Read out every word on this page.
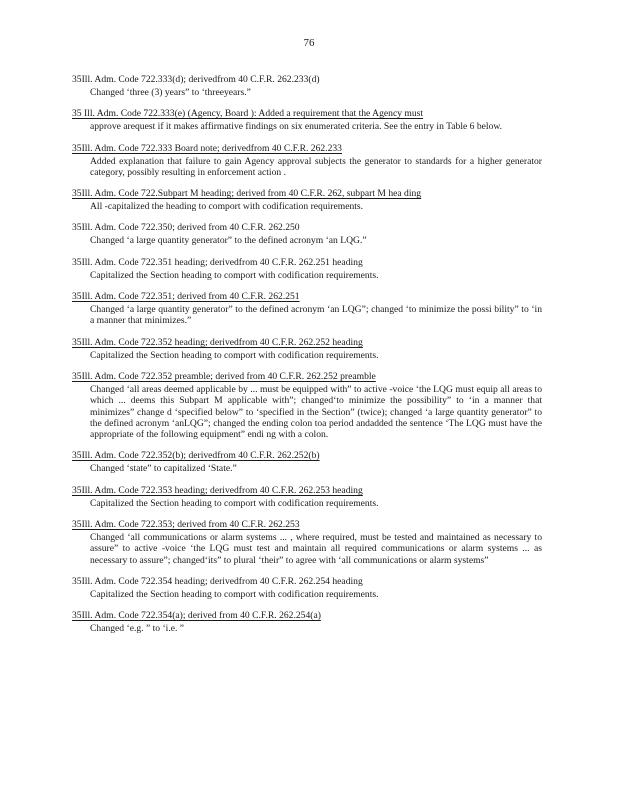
76
35Ill. Adm. Code 722.333(d); derivedfrom 40 C.F.R. 262.233(d)
Changed ‘three (3) years” to ‘threeyears.”
35 Ill. Adm. Code 722.333(e) (Agency, Board ): Added a requirement that the Agency must
approve arequest if it makes affirmative findings on six enumerated criteria. See the entry in Table 6 below.
35Ill. Adm. Code 722.333 Board note; derivedfrom 40 C.F.R. 262.233
Added explanation that failure to gain Agency approval subjects the generator to standards for a higher generator category, possibly resulting in enforcement action .
35Ill. Adm. Code 722.Subpart M heading; derived from 40 C.F.R. 262, subpart M hea ding
All -capitalized the heading to comport with codification requirements.
35Ill. Adm. Code 722.350; derived from 40 C.F.R. 262.250
Changed ‘a large quantity generator” to the defined acronym ‘an LQG.”
35Ill. Adm. Code 722.351 heading; derivedfrom 40 C.F.R. 262.251 heading
Capitalized the Section heading to comport with codification requirements.
35Ill. Adm. Code 722.351; derived from 40 C.F.R. 262.251
Changed ‘a large quantity generator” to the defined acronym ‘an LQG”; changed ‘to minimize the possi bility” to ‘in a manner that minimizes.”
35Ill. Adm. Code 722.352 heading; derivedfrom 40 C.F.R. 262.252 heading
Capitalized the Section heading to comport with codification requirements.
35Ill. Adm. Code 722.352 preamble; derived from 40 C.F.R. 262.252 preamble
Changed ‘all areas deemed applicable by ... must be equipped with” to active -voice ‘the LQG must equip all areas to which ... deems this Subpart M applicable with”; changed‘to minimize the possibility” to ‘in a manner that minimizes” change d ‘specified below” to ‘specified in the Section” (twice); changed ‘a large quantity generator” to the defined acronym ‘anLQG”; changed the ending colon toa period andadded the sentence ‘The LQG must have the appropriate of the following equipment” endi ng with a colon.
35Ill. Adm. Code 722.352(b); derivedfrom 40 C.F.R. 262.252(b)
Changed ‘state” to capitalized ‘State.”
35Ill. Adm. Code 722.353 heading; derivedfrom 40 C.F.R. 262.253 heading
Capitalized the Section heading to comport with codification requirements.
35Ill. Adm. Code 722.353; derived from 40 C.F.R. 262.253
Changed ‘all communications or alarm systems ... , where required, must be tested and maintained as necessary to assure” to active -voice ‘the LQG must test and maintain all required communications or alarm systems ... as necessary to assure”; changed‘its” to plural ‘their” to agree with ‘all communications or alarm systems”
35Ill. Adm. Code 722.354 heading; derivedfrom 40 C.F.R. 262.254 heading
Capitalized the Section heading to comport with codification requirements.
35Ill. Adm. Code 722.354(a); derived from 40 C.F.R. 262.254(a)
Changed ‘e.g. ” to ‘i.e. ”
